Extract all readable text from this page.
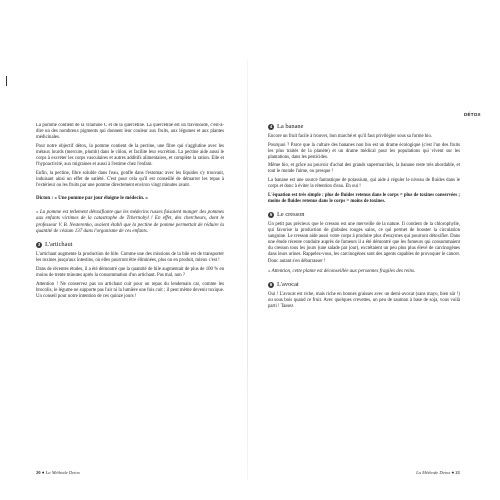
DÉTOX

La pomme contient de la vitamine C et de la quercétine. La quercétine est un flavonoïde, c'est-à-dire un des nombreux pigments qui donnent leur couleur aux fruits, aux légumes et aux plantes médicinales.

Pour notre objectif détox, la pomme contient de la pectine, une fibre qui s'agglutine avec les métaux lourds (mercure, plomb) dans le côlon, et facilite leur excrétion. La pectine aide aussi le corps à excréter les corps vasculaires et autres additifs alimentaires, et complète la ration. Elle et l'hypoactivité, aux migraines et aussi à l'estime chez l'enfant.

Enfin, la pectine, fibre soluble dans l'eau, gonfle dans l'estomac avec les liquides s'y trouvant, induisant ainsi un effet de satiété. C'est pour cela qu'il est conseillé de démarrer les repas à l'extérieur ou les fruits par une pomme directement environ vingt minutes avant.

Dicton : « Une pomme par jour éloigne le médecin. »

» La pomme est tellement détoxifiante que les médecins russes faisaient manger des pommes aux enfants victimes de la catastrophe de Tchernobyl ! En effet, des chercheurs, dont le professeur V. B. Nesterenko, avaient établi que la pectine de pomme permettait de réduire la quantité de césium 137 dans l'organisme de ces enfants.

3 L'artichaut

L'artichaut augmente la production de bile. Comme une des missions de la bile est de transporter les toxines jusqu'aux intestins, où elles pourront être éliminées, plus on en produit, mieux c'est !

Dans de récentes études, il a été démontré que la quantité de bile augmentait de plus de 100 % en moins de trente minutes après la consommation d'un artichaut. Pas mal, non ?

Attention ! Ne conservez pas un artichaut cuit pour un repas du lendemain car, comme les brocolis, le légume ne supporte pas l'air ni la lumière une fois cuit ; il peut même devenir toxique. Un conseil pour notre intention de ces quinze jours !

4 La banane

Encore un fruit facile à trouver, bon marché et qu'il faut privilégier sous sa forme bio.

Pourquoi ? Parce que la culture des bananes non bio est un drame écologique (c'est l'un des fruits les plus traités de la planète) et un drame médical pour les populations qui vivent sur les plantations, dans les pesticides.

Même bio, et grâce au pouvoir d'achat des grands supermarchés, la banane reste très abordable, et tout le monde l'aime, ou presque !

La banane est une source fantastique de potassium, qui aide à réguler le niveau de fluides dans le corps et donc à éviter la rétention d'eau. Eh oui !

L'équation est très simple : plus de fluides retenus dans le corps = plus de toxines conservées ; moins de fluides retenus dans le corps = moins de toxines.

5 Le cresson

Un petit pas précieux que le cresson est une merveille de la nature. Il contient de la chlorophylle, qui favorise la production de globules rouges sains, ce qui permet de booster la circulation sanguine. Le cresson aide aussi votre corps à produire plus d'enzymes qui pourront détoxifier. Dans une étude récente conduite auprès de fumeurs il a été démontré que les fumeurs qui consommaient du cresson tous les jours (une salade par jour), excrétaient un peu plus plus élevé de carcinogènes dans leurs urines. Rappelez-vous, les carcinogènes sont des agents capables de provoquer le cancer. Donc autant s'en débarrasser !

» Attention, cette plante est déconseillée aux personnes fragiles des reins.

6 L'avocat

Oui ! L'avocat est riche, mais riche en bonnes graisses avec un demi-avocat (sans mayo, bien sûr !) ou sous bois quand ce fruit. Avec quelques crevettes, un peu de saumon à base de soja, vous voilà parti ! Tassez

20 ● La Méthode Detox	La Méthode Detox ● 21
